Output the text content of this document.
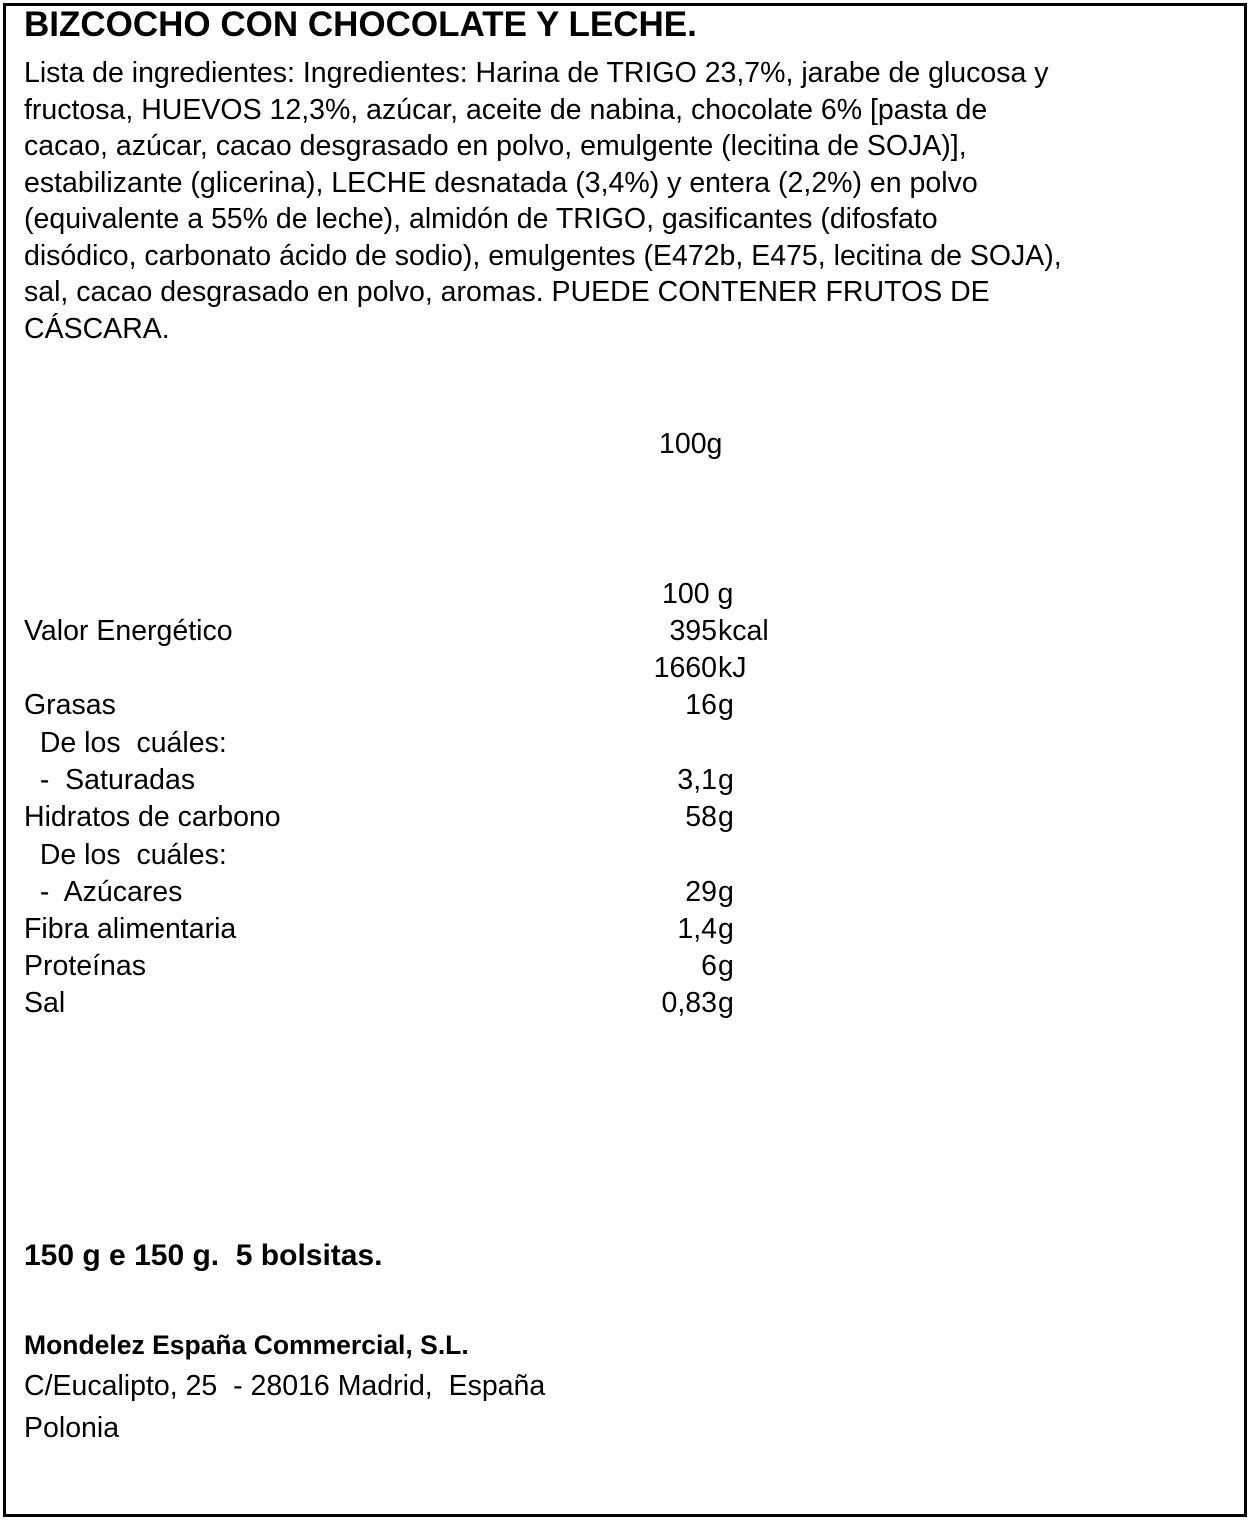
BIZCOCHO CON CHOCOLATE Y LECHE.
Lista de ingredientes: Ingredientes: Harina de TRIGO 23,7%, jarabe de glucosa y
fructosa, HUEVOS 12,3%, azúcar, aceite de nabina, chocolate 6% [pasta de
cacao, azúcar, cacao desgrasado en polvo, emulgente (lecitina de SOJA)],
estabilizante (glicerina), LECHE desnatada (3,4%) y entera (2,2%) en polvo
(equivalente a 55% de leche), almidón de TRIGO, gasificantes (difosfato
disódico, carbonato ácido de sodio), emulgentes (E472b, E475, lecitina de SOJA),
sal, cacao desgrasado en polvo, aromas. PUEDE CONTENER FRUTOS DE
CÁSCARA.
100g
100 g
Valor Energético	395 kcal
1660 kJ
Grasas	16 g
De los  cuáles:
-  Saturadas	3,1 g
Hidratos de carbono	58 g
De los  cuáles:
-  Azúcares	29 g
Fibra alimentaria	1,4 g
Proteínas	6 g
Sal	0,83 g
150 g e 150 g.  5 bolsitas.
Mondelez España Commercial, S.L.
C/Eucalipto, 25  - 28016 Madrid,  España
Polonia
